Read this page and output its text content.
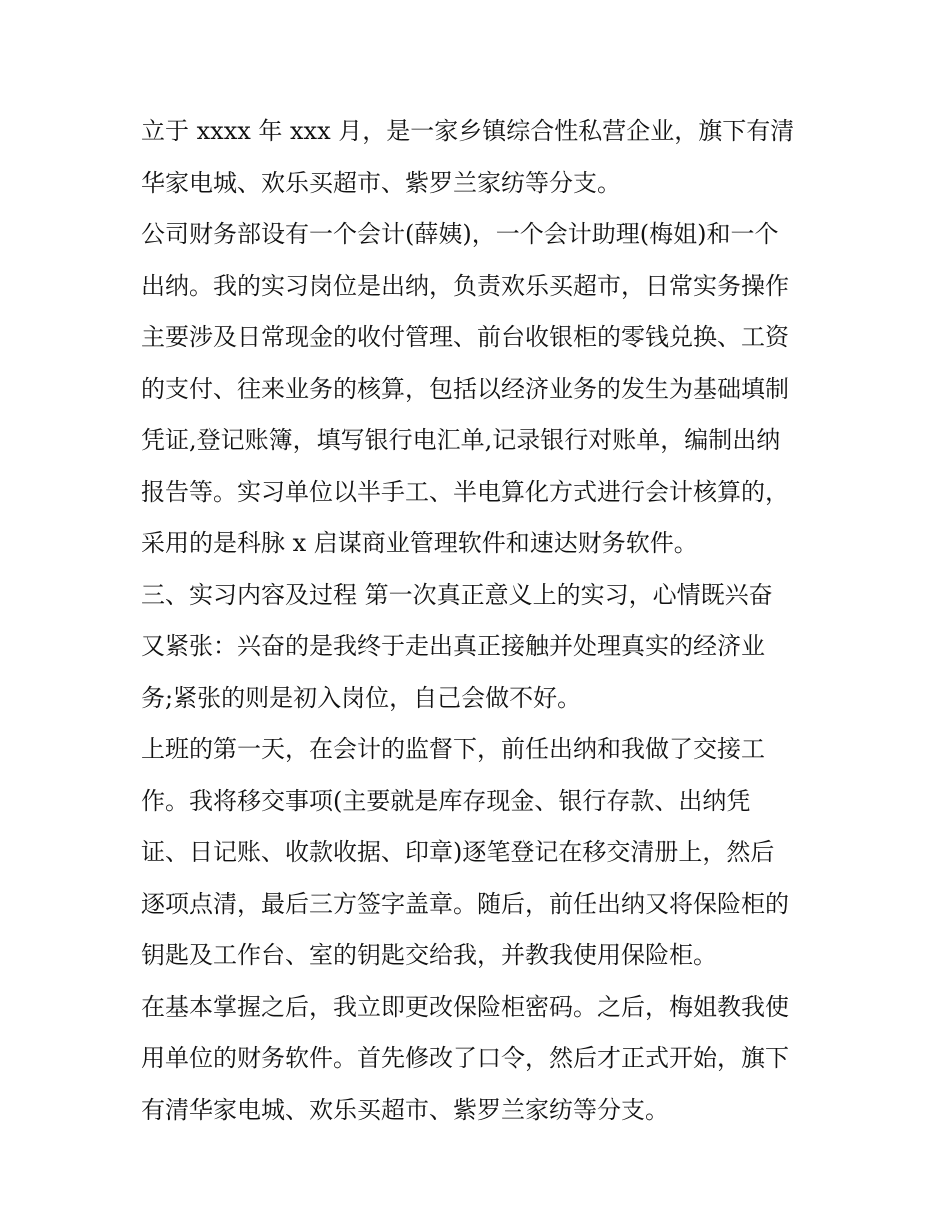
立于 xxxx 年 xxx 月，是一家乡镇综合性私营企业，旗下有清
华家电城、欢乐买超市、紫罗兰家纺等分支。
公司财务部设有一个会计(薛姨)，一个会计助理(梅姐)和一个
出纳。我的实习岗位是出纳，负责欢乐买超市，日常实务操作
主要涉及日常现金的收付管理、前台收银柜的零钱兑换、工资
的支付、往来业务的核算，包括以经济业务的发生为基础填制
凭证,登记账簿，填写银行电汇单,记录银行对账单，编制出纳
报告等。实习单位以半手工、半电算化方式进行会计核算的，
采用的是科脉 x 启谋商业管理软件和速达财务软件。
三、实习内容及过程 第一次真正意义上的实习，心情既兴奋
又紧张：兴奋的是我终于走出真正接触并处理真实的经济业
务;紧张的则是初入岗位，自己会做不好。
上班的第一天，在会计的监督下，前任出纳和我做了交接工
作。我将移交事项(主要就是库存现金、银行存款、出纳凭
证、日记账、收款收据、印章)逐笔登记在移交清册上，然后
逐项点清，最后三方签字盖章。随后，前任出纳又将保险柜的
钥匙及工作台、室的钥匙交给我，并教我使用保险柜。
在基本掌握之后，我立即更改保险柜密码。之后，梅姐教我使
用单位的财务软件。首先修改了口令，然后才正式开始，旗下
有清华家电城、欢乐买超市、紫罗兰家纺等分支。
